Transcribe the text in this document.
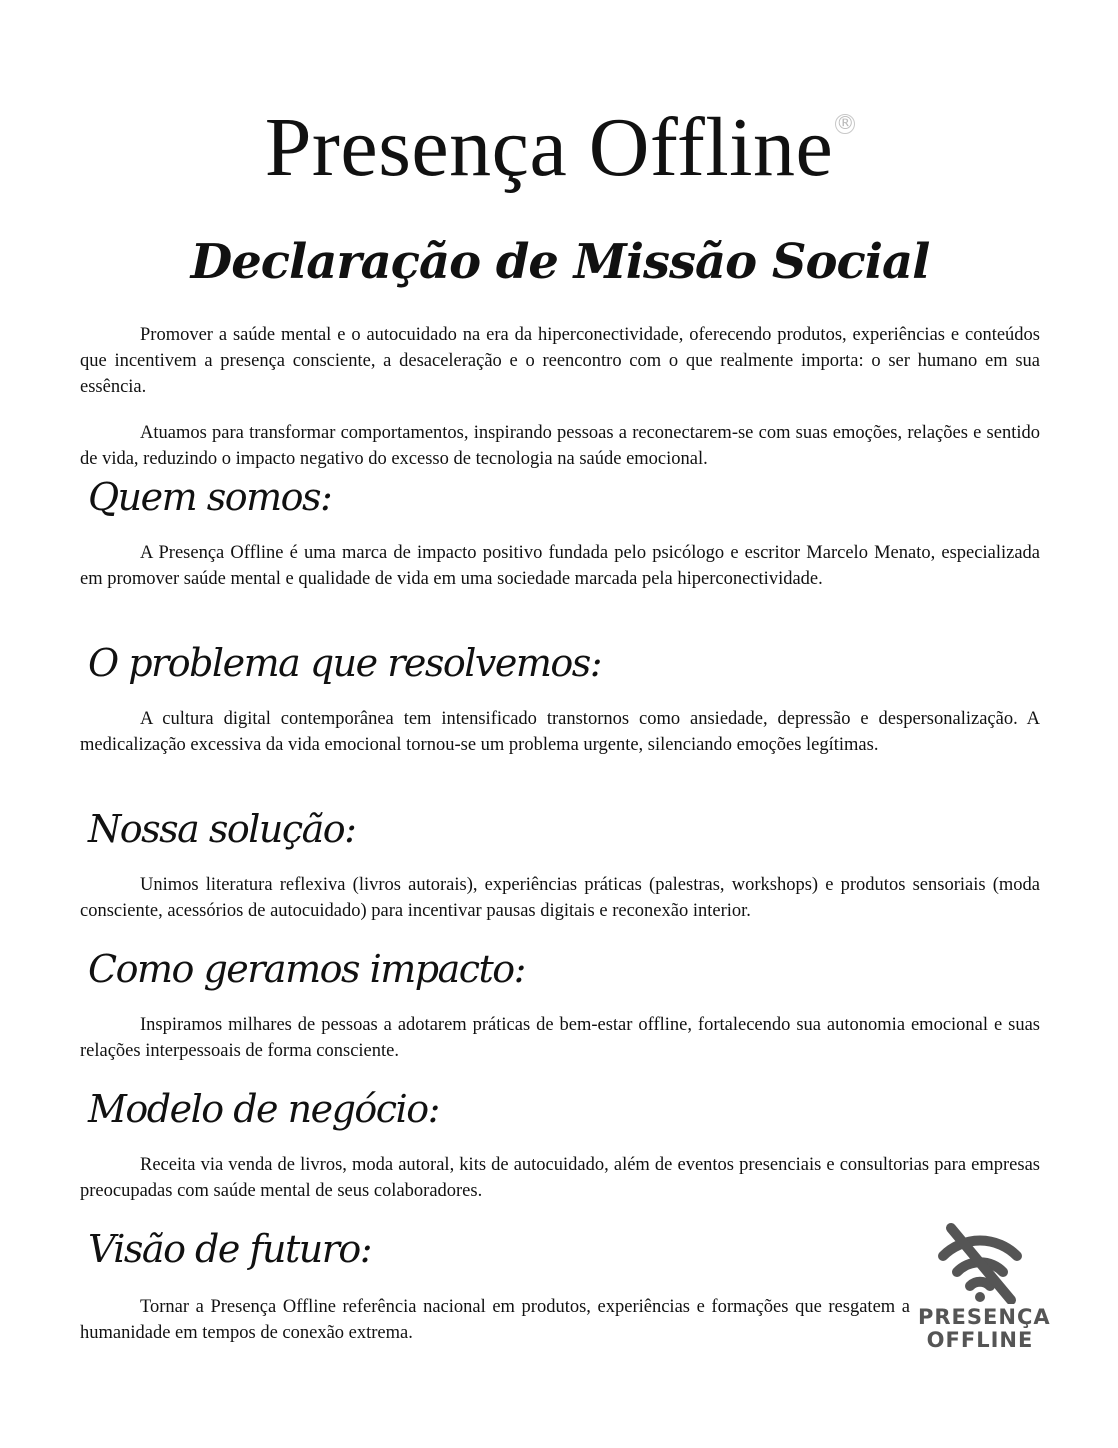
Presença Offline ®
Declaração de Missão Social

Promover a saúde mental e o autocuidado na era da hiperconectividade, oferecendo produtos, experiências e conteúdos que incentivem a presença consciente, a desaceleração e o reencontro com o que realmente importa: o ser humano em sua essência.

Atuamos para transformar comportamentos, inspirando pessoas a reconectarem-se com suas emoções, relações e sentido de vida, reduzindo o impacto negativo do excesso de tecnologia na saúde emocional.

Quem somos:

A Presença Offline é uma marca de impacto positivo fundada pelo psicólogo e escritor Marcelo Menato, especializada em promover saúde mental e qualidade de vida em uma sociedade marcada pela hiperconectividade.

O problema que resolvemos:

A cultura digital contemporânea tem intensificado transtornos como ansiedade, depressão e despersonalização. A medicalização excessiva da vida emocional tornou-se um problema urgente, silenciando emoções legítimas.

Nossa solução:

Unimos literatura reflexiva (livros autorais), experiências práticas (palestras, workshops) e produtos sensoriais (moda consciente, acessórios de autocuidado) para incentivar pausas digitais e reconexão interior.

Como geramos impacto:

Inspiramos milhares de pessoas a adotarem práticas de bem-estar offline, fortalecendo sua autonomia emocional e suas relações interpessoais de forma consciente.

Modelo de negócio:

Receita via venda de livros, moda autoral, kits de autocuidado, além de eventos presenciais e consultorias para empresas preocupadas com saúde mental de seus colaboradores.

Visão de futuro:

Tornar a Presença Offline referência nacional em produtos, experiências e formações que resgatem a humanidade em tempos de conexão extrema.

PRESENÇA
OFFLINE
